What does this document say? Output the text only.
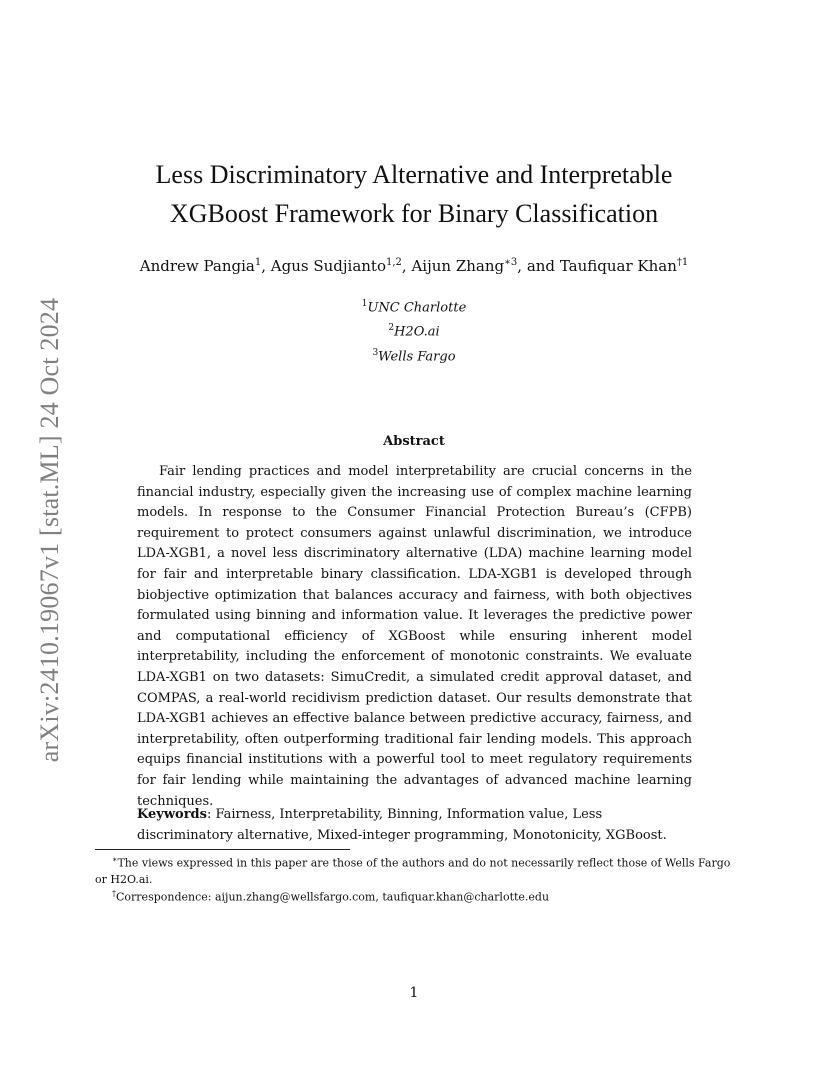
arXiv:2410.19067v1 [stat.ML] 24 Oct 2024
Less Discriminatory Alternative and Interpretable
XGBoost Framework for Binary Classification
Andrew Pangia$^1$, Agus Sudjianto$^{1,2}$, Aijun Zhang$^{∗3}$, and Taufiquar Khan$^{\dagger 1}$
$^1$UNC Charlotte
$^2$H2O.ai
$^3$Wells Fargo
Abstract

Fair lending practices and model interpretability are crucial concerns in the financial industry, especially given the increasing use of complex machine learning models. In response to the Consumer Financial Protection Bureau’s (CFPB) requirement to protect consumers against unlawful discrimination, we introduce LDA-XGB1, a novel less discriminatory alternative (LDA) machine learning model for fair and interpretable binary classification. LDA-XGB1 is developed through biobjective optimization that balances accuracy and fairness, with both objectives formulated using binning and information value. It leverages the predictive power and computational efficiency of XGBoost while ensuring inherent model interpretability, including the enforcement of monotonic constraints. We evaluate LDA-XGB1 on two datasets: SimuCredit, a simulated credit approval dataset, and COMPAS, a real-world recidivism prediction dataset. Our results demonstrate that LDA-XGB1 achieves an effective balance between predictive accuracy, fairness, and interpretability, often outperforming traditional fair lending models. This approach equips financial institutions with a powerful tool to meet regulatory requirements for fair lending while maintaining the advantages of advanced machine learning techniques.

Keywords: Fairness, Interpretability, Binning, Information value, Less discriminatory alternative, Mixed-integer programming, Monotonicity, XGBoost.

∗The views expressed in this paper are those of the authors and do not necessarily reflect those of Wells Fargo or H2O.ai.

†Correspondence: aijun.zhang@wellsfargo.com, taufiquar.khan@charlotte.edu

1
